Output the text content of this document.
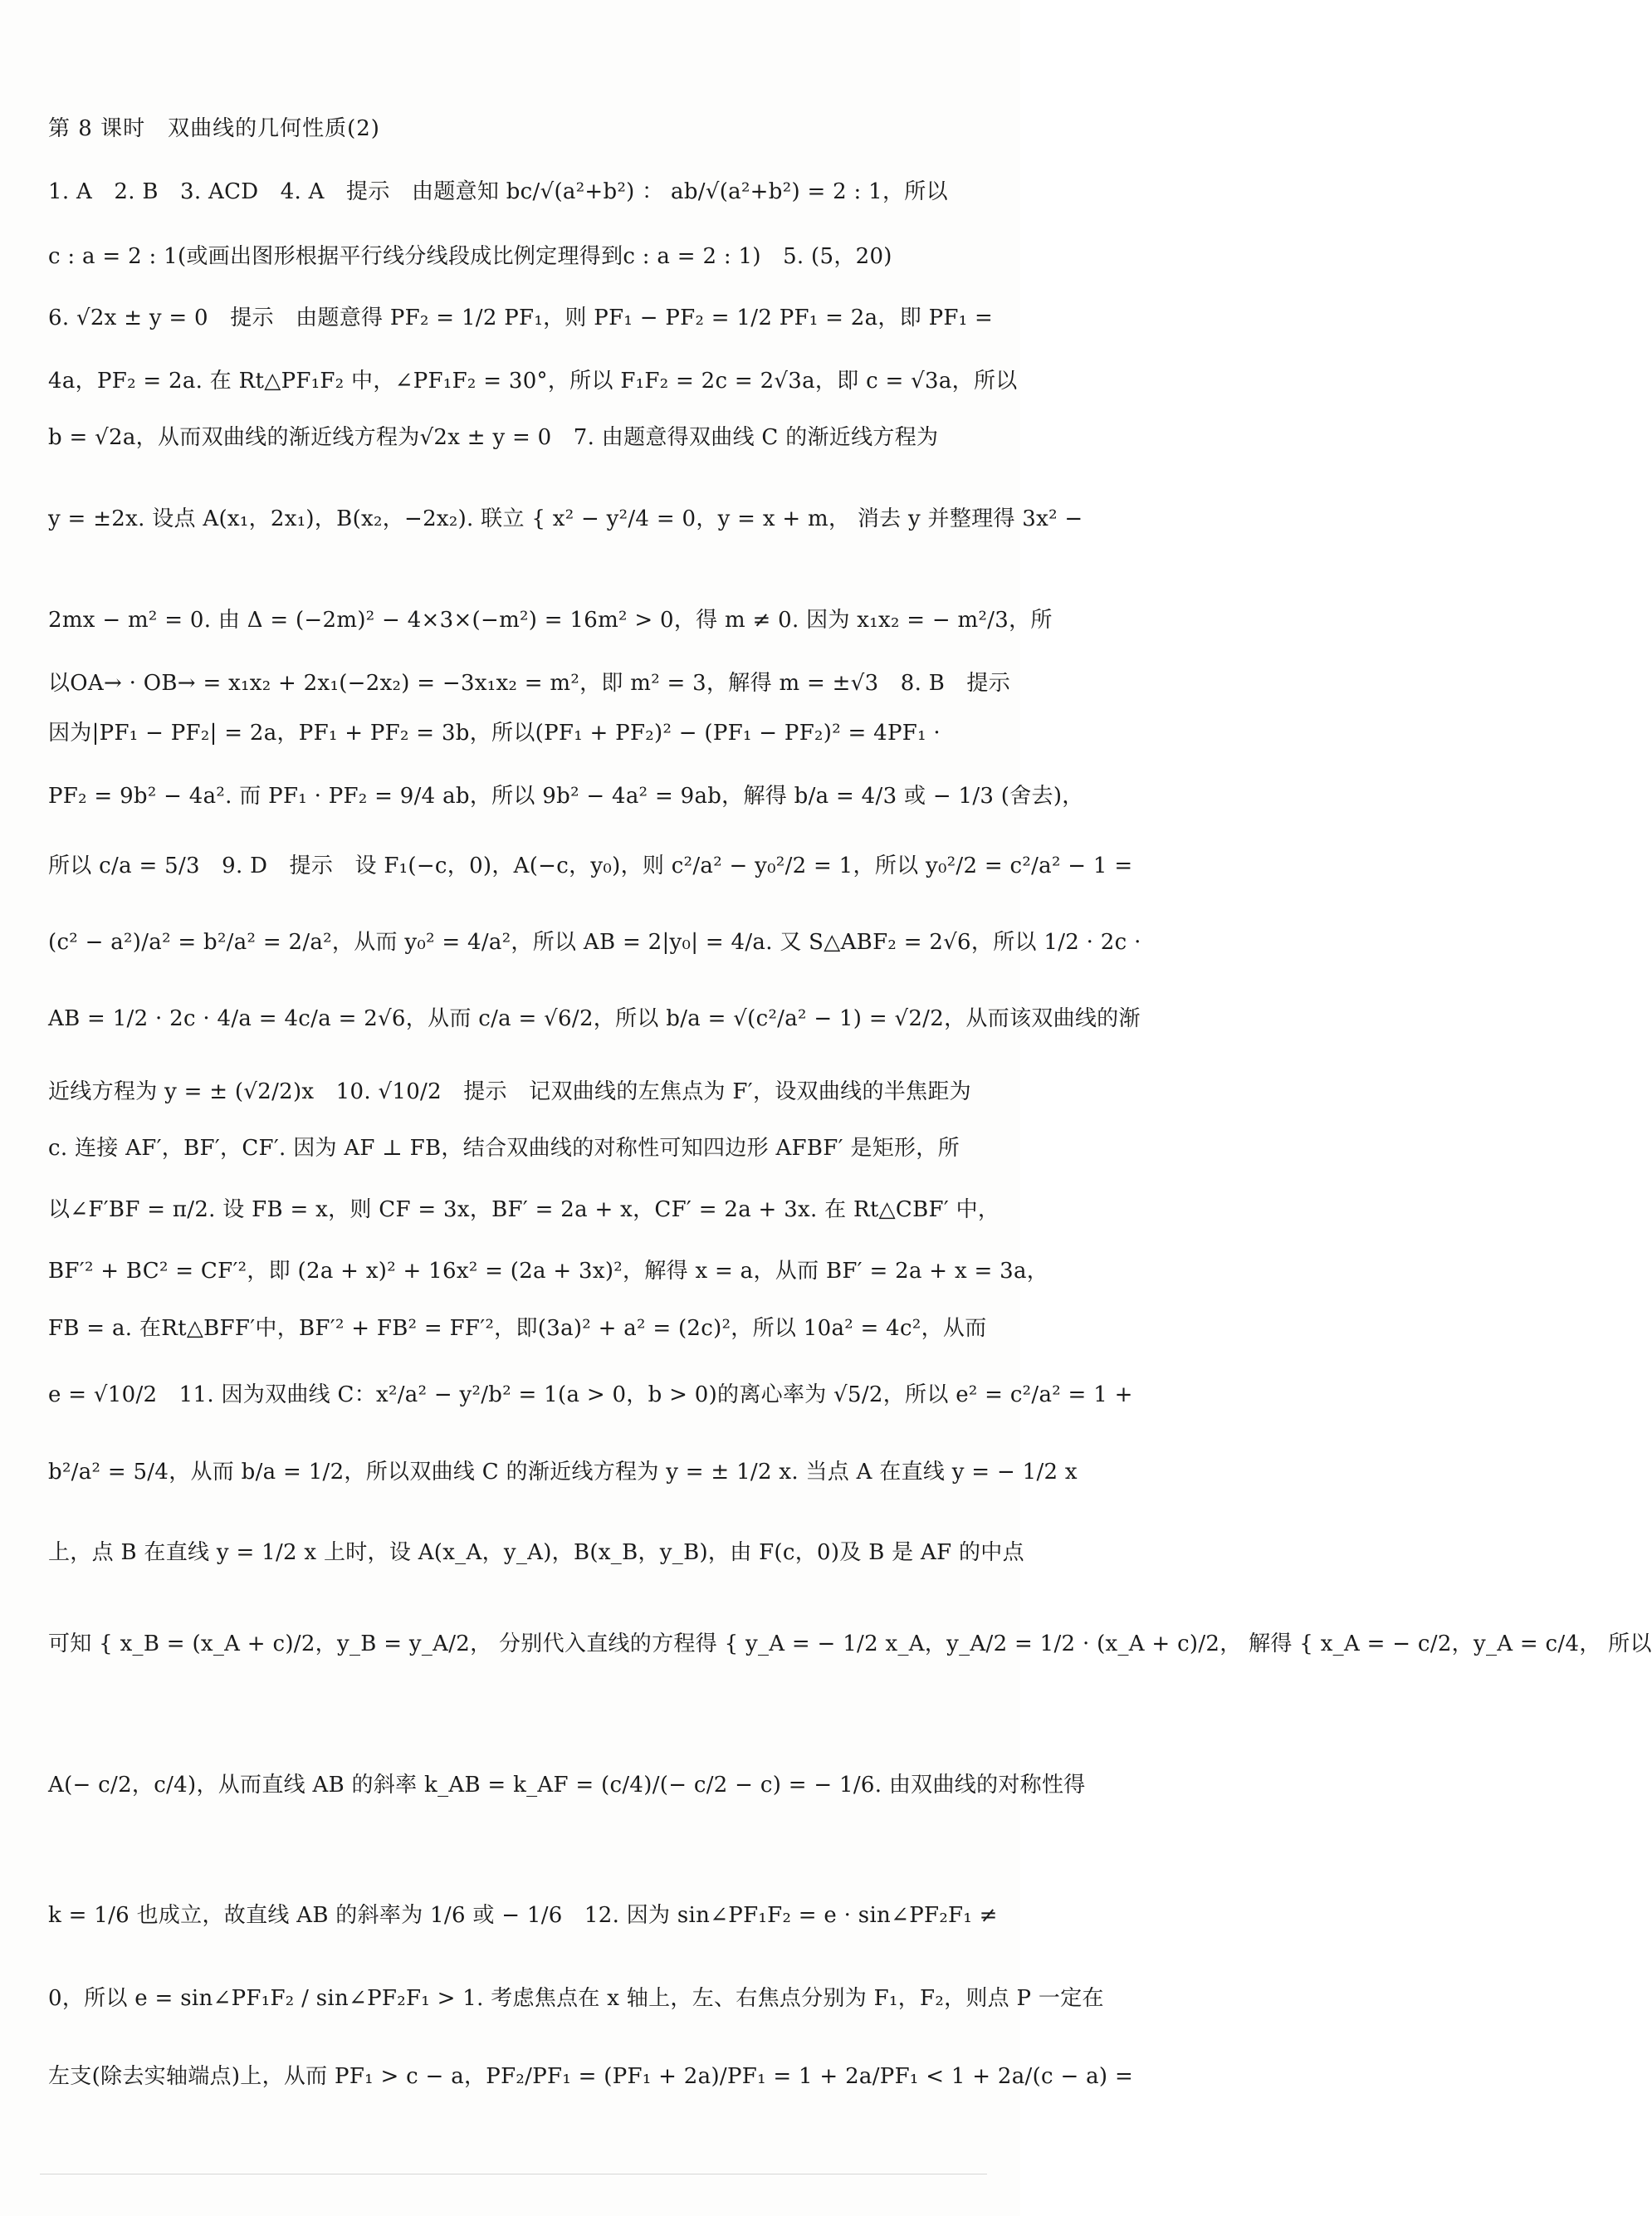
第 8 课时　双曲线的几何性质(2)
1. A　2. B　3. ACD　4. A　提示　由题意知 bc/√(a²+b²) ： ab/√(a²+b²) = 2 : 1，所以
c : a = 2 : 1(或画出图形根据平行线分线段成比例定理得到c : a = 2 : 1)　5. (5，20)
6. √2x ± y = 0　提示　由题意得 PF₂ = 1/2 PF₁，则 PF₁ − PF₂ = 1/2 PF₁ = 2a，即 PF₁ =
4a，PF₂ = 2a. 在 Rt△PF₁F₂ 中，∠PF₁F₂ = 30°，所以 F₁F₂ = 2c = 2√3a，即 c = √3a，所以
b = √2a，从而双曲线的渐近线方程为√2x ± y = 0　7. 由题意得双曲线 C 的渐近线方程为
y = ±2x. 设点 A(x₁，2x₁)，B(x₂，−2x₂). 联立 { x² − y²/4 = 0，y = x + m， 消去 y 并整理得 3x² −
2mx − m² = 0. 由 Δ = (−2m)² − 4×3×(−m²) = 16m² > 0，得 m ≠ 0. 因为 x₁x₂ = − m²/3，所
以OA→ · OB→ = x₁x₂ + 2x₁(−2x₂) = −3x₁x₂ = m²，即 m² = 3，解得 m = ±√3　8. B　提示
因为|PF₁ − PF₂| = 2a，PF₁ + PF₂ = 3b，所以(PF₁ + PF₂)² − (PF₁ − PF₂)² = 4PF₁ ·
PF₂ = 9b² − 4a². 而 PF₁ · PF₂ = 9/4 ab，所以 9b² − 4a² = 9ab，解得 b/a = 4/3 或 − 1/3 (舍去)，
所以 c/a = 5/3　9. D　提示　设 F₁(−c，0)，A(−c，y₀)，则 c²/a² − y₀²/2 = 1，所以 y₀²/2 = c²/a² − 1 =
(c² − a²)/a² = b²/a² = 2/a²，从而 y₀² = 4/a²，所以 AB = 2|y₀| = 4/a. 又 S△ABF₂ = 2√6，所以 1/2 · 2c ·
AB = 1/2 · 2c · 4/a = 4c/a = 2√6，从而 c/a = √6/2，所以 b/a = √(c²/a² − 1) = √2/2，从而该双曲线的渐
近线方程为 y = ± (√2/2)x　10. √10/2　提示　记双曲线的左焦点为 F′，设双曲线的半焦距为
c. 连接 AF′，BF′，CF′. 因为 AF ⊥ FB，结合双曲线的对称性可知四边形 AFBF′ 是矩形，所
以∠F′BF = π/2. 设 FB = x，则 CF = 3x，BF′ = 2a + x，CF′ = 2a + 3x. 在 Rt△CBF′ 中，
BF′² + BC² = CF′²，即 (2a + x)² + 16x² = (2a + 3x)²，解得 x = a，从而 BF′ = 2a + x = 3a，
FB = a. 在Rt△BFF′中，BF′² + FB² = FF′²，即(3a)² + a² = (2c)²，所以 10a² = 4c²，从而
e = √10/2　11. 因为双曲线 C：x²/a² − y²/b² = 1(a > 0，b > 0)的离心率为 √5/2，所以 e² = c²/a² = 1 +
b²/a² = 5/4，从而 b/a = 1/2，所以双曲线 C 的渐近线方程为 y = ± 1/2 x. 当点 A 在直线 y = − 1/2 x
上，点 B 在直线 y = 1/2 x 上时，设 A(x_A，y_A)，B(x_B，y_B)，由 F(c，0)及 B 是 AF 的中点
可知 { x_B = (x_A + c)/2，y_B = y_A/2， 分别代入直线的方程得 { y_A = − 1/2 x_A，y_A/2 = 1/2 · (x_A + c)/2， 解得 { x_A = − c/2，y_A = c/4， 所以
A(− c/2，c/4)，从而直线 AB 的斜率 k_AB = k_AF = (c/4)/(− c/2 − c) = − 1/6. 由双曲线的对称性得
k = 1/6 也成立，故直线 AB 的斜率为 1/6 或 − 1/6　12. 因为 sin∠PF₁F₂ = e · sin∠PF₂F₁ ≠
0，所以 e = sin∠PF₁F₂ / sin∠PF₂F₁ > 1. 考虑焦点在 x 轴上，左、右焦点分别为 F₁，F₂，则点 P 一定在
左支(除去实轴端点)上，从而 PF₁ > c − a，PF₂/PF₁ = (PF₁ + 2a)/PF₁ = 1 + 2a/PF₁ < 1 + 2a/(c − a) =
